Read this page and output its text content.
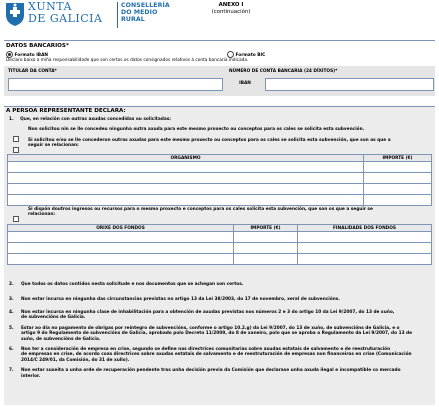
XUNTA
DE GALICIA
CONSELLERÍA
DO MEDIO
RURAL
ANEXO I
(continuación)
DATOS BANCARIOS*
Formato IBAN	Formato BIC
Declaro baixo a miña responsabilidade que son certos os datos consignados relativos á conta bancaria indicada.
TITULAR DA CONTA*	NÚMERO DE CONTA BANCARIA (24 DÍXITOS)*
IBAN
A PERSOA REPRESENTANTE DECLARA:
1. Que, en relación con outras axudas concedidas ou solicitadas:
Non solicitou nin se lle concedeu ningunha outra axuda para este mesmo proxecto ou conceptos para os cales se solicita esta subvención.
Si solicitou e/ou se lle concederon outras axudas para este mesmo proxecto ou conceptos para os cales se solicita esta subvención, que son as que a
seguir se relacionan:
ORGANISMO	IMPORTE (€)

Si dispón doutros ingresos ou recursos para o mesmo proxecto e conceptos para os cales solicita esta subvención, que son os que a seguir se
relacionan:
ORIXE DOS FONDOS	IMPORTE (€)	FINALIDADE DOS FONDOS

2.	Que todos os datos contidos nesta solicitude e nos documentos que se achegan son certos.
3.	Non estar incursa en ningunha das circunstancias previstas no artigo 13 da Lei 38/2003, do 17 de novembro, xeral de subvencións.
4.	Non estar incursa en ningunha clase de inhabilitación para a obtención de axudas previstas nos números 2 e 3 do artigo 10 da Lei 9/2007, do 13 de xuño,
de subvencións de Galicia.
5.	Estar ao día no pagamento de obrigas por reintegro de subvencións, conforme o artigo 10.2.g) da Lei 9/2007, do 13 de xuño, de subvencións de Galicia, e o
artigo 9 do Regulamento de subvencións de Galicia, aprobado polo Decreto 11/2009, do 8 de xaneiro, polo que se aproba o Regulamento da Lei 9/2007, do 13 de
xuño, de subvencións de Galicia.
6.	Non ter a consideración de empresa en crise, segundo se define nas directrices comunitarias sobre axudas estatais de salvamento e de reestruturación
de empresas en crise, de acordo coas directrices sobre axudas estatais de salvamento e de reestruturación de empresas non financeiras en crise (Comunicación
2014/C 249/01, da Comisión, do 31 de xullo).
7.	Non estar suxeita a unha orde de recuperación pendente tras unha decisión previa da Comisión que declarase unha axuda ilegal e incompatible co mercado
interior.
